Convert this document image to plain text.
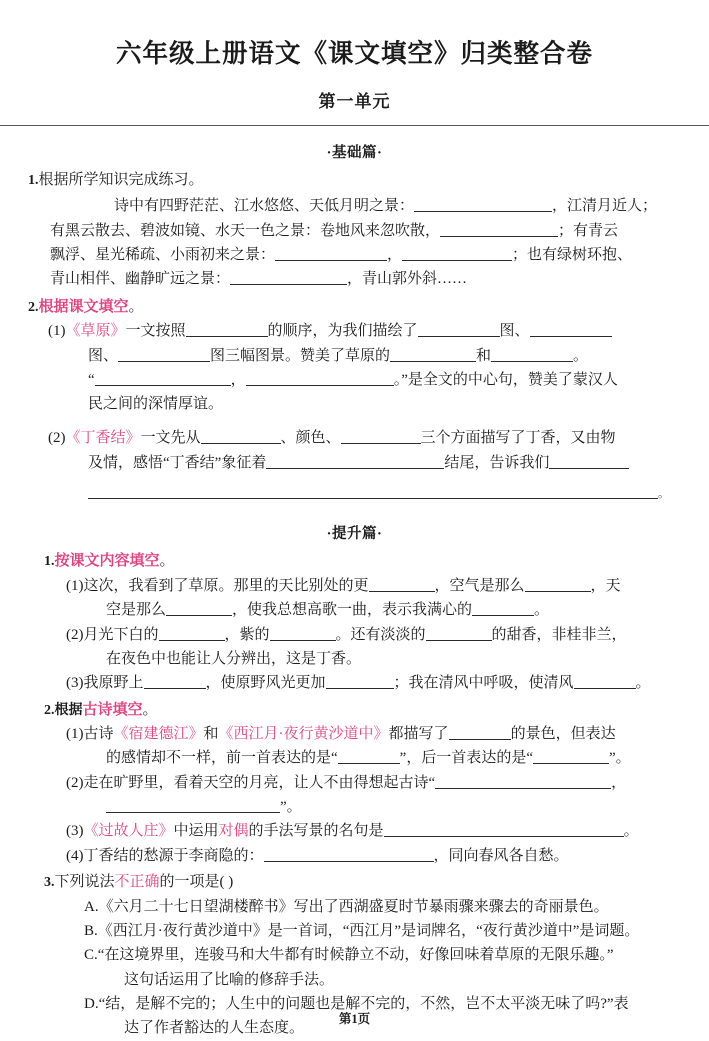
六年级上册语文《课文填空》归类整合卷
第一单元
·基础篇·
1.根据所学知识完成练习。
诗中有四野茫茫、江水悠悠、天低月明之景：	，江清月近人；
有黑云散去、碧波如镜、水天一色之景：卷地风来忽吹散，	；有青云
飘浮、星光稀疏、小雨初来之景：	，	；也有绿树环抱、
青山相伴、幽静旷远之景：	，青山郭外斜……
2.根据课文填空。
(1)《草原》一文按照	的顺序，为我们描绘了	图、
图、	图三幅图景。赞美了草原的	和	。
“	，	。”是全文的中心句，赞美了蒙汉人
民之间的深情厚谊。
(2)《丁香结》一文先从	、颜色、	三个方面描写了丁香，又由物
及情，感悟“丁香结”象征着	结尾，告诉我们
。
·提升篇·
1.按课文内容填空。
(1)这次，我看到了草原。那里的天比别处的更	，空气是那么	，天
空是那么	，使我总想高歌一曲，表示我满心的	。
(2)月光下白的	，紫的	。还有淡淡的	的甜香，非桂非兰，
在夜色中也能让人分辨出，这是丁香。
(3)我原野上	，使原野风光更加	；我在清风中呼吸，使清风	。
2.根据古诗填空。
(1)古诗《宿建德江》和《西江月·夜行黄沙道中》都描写了	的景色，但表达
的感情却不一样，前一首表达的是“	”，后一首表达的是“	”。
(2)走在旷野里，看着天空的月亮，让人不由得想起古诗“	，
”。
(3)《过故人庄》中运用对偶的手法写景的名句是	。
(4)丁香结的愁源于李商隐的：	，同向春风各自愁。
3.下列说法不正确的一项是( )
A.《六月二十七日望湖楼醉书》写出了西湖盛夏时节暴雨骤来骤去的奇丽景色。
B.《西江月·夜行黄沙道中》是一首词，“西江月”是词牌名，“夜行黄沙道中”是词题。
C.“在这境界里，连骏马和大牛都有时候静立不动，好像回味着草原的无限乐趣。”
这句话运用了比喻的修辞手法。
D.“结，是解不完的；人生中的问题也是解不完的，不然，岂不太平淡无味了吗?”表
达了作者豁达的人生态度。
第1页
